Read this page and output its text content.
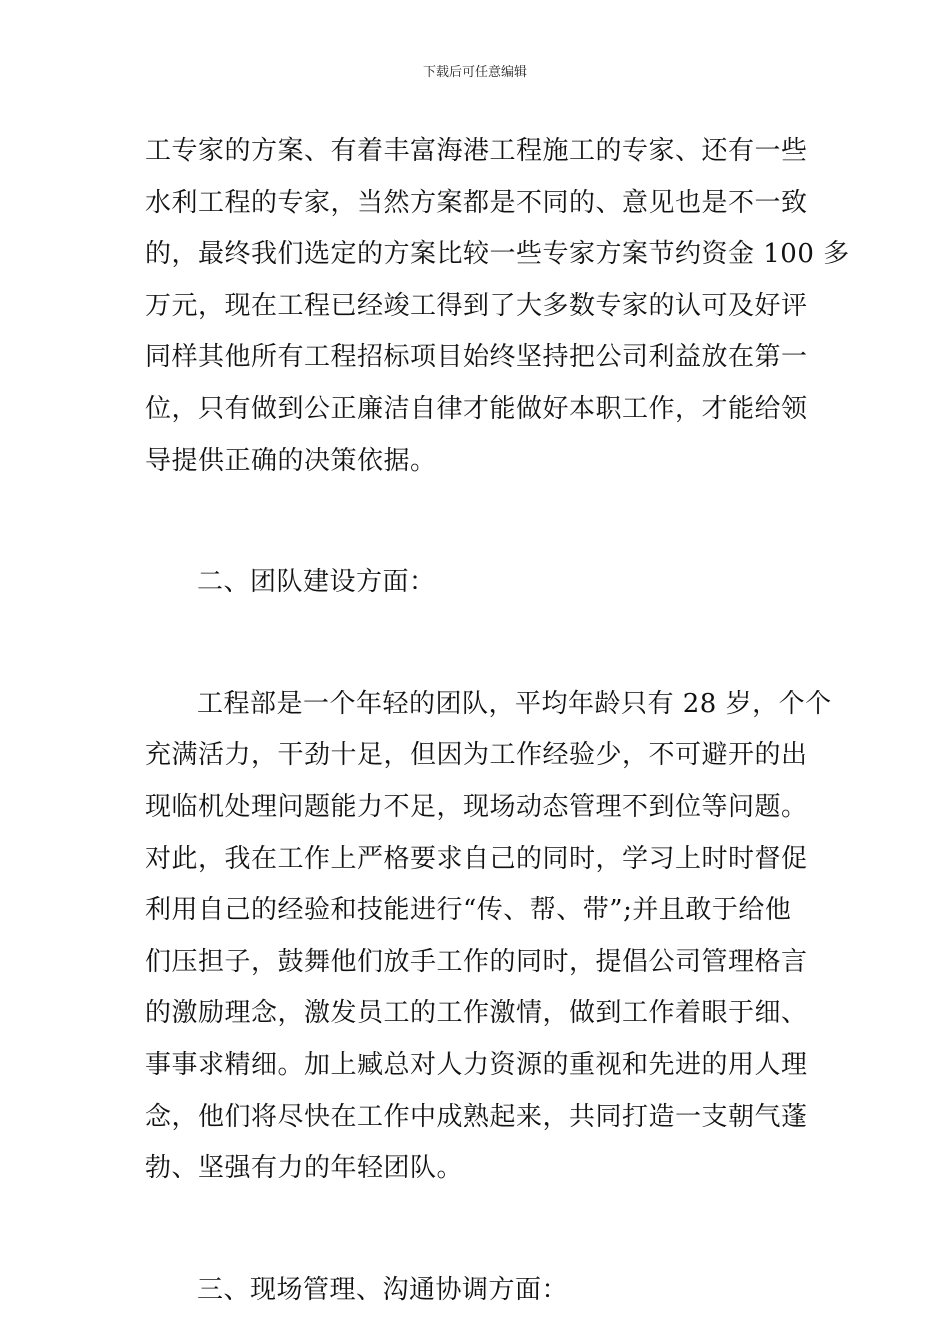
下载后可任意编辑
工专家的方案、有着丰富海港工程施工的专家、还有一些
水利工程的专家，当然方案都是不同的、意见也是不一致
的，最终我们选定的方案比较一些专家方案节约资金 100 多
万元，现在工程已经竣工得到了大多数专家的认可及好评
同样其他所有工程招标项目始终坚持把公司利益放在第一
位，只有做到公正廉洁自律才能做好本职工作，才能给领
导提供正确的决策依据。
二、团队建设方面：
工程部是一个年轻的团队，平均年龄只有 28 岁，个个
充满活力，干劲十足，但因为工作经验少，不可避开的出
现临机处理问题能力不足，现场动态管理不到位等问题。
对此，我在工作上严格要求自己的同时，学习上时时督促
利用自己的经验和技能进行“传、帮、带”;并且敢于给他
们压担子，鼓舞他们放手工作的同时，提倡公司管理格言
的激励理念，激发员工的工作激情，做到工作着眼于细、
事事求精细。加上臧总对人力资源的重视和先进的用人理
念，他们将尽快在工作中成熟起来，共同打造一支朝气蓬
勃、坚强有力的年轻团队。
三、现场管理、沟通协调方面：
